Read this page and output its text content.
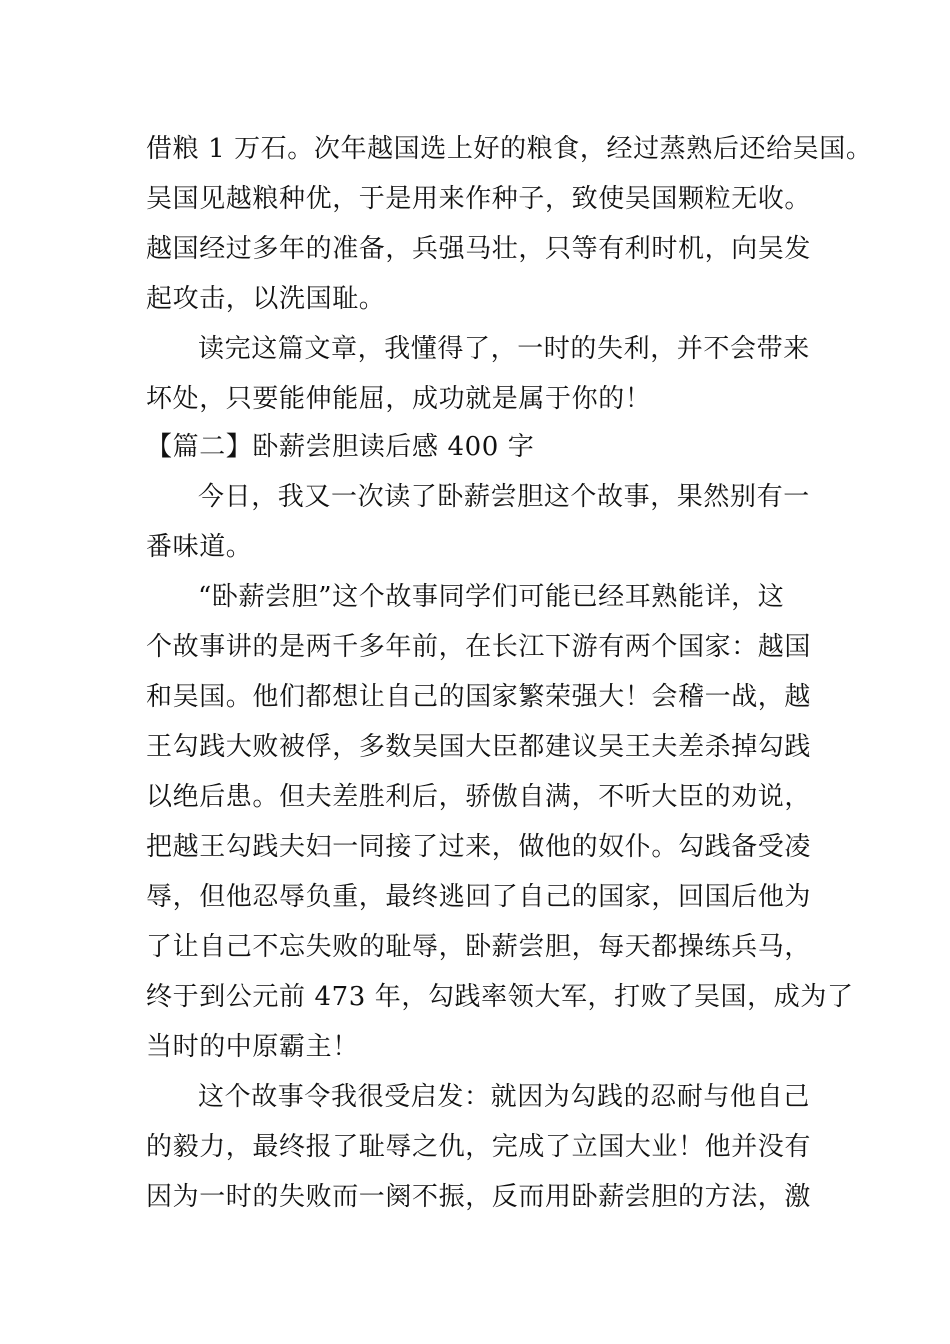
借粮 1 万石。次年越国选上好的粮食，经过蒸熟后还给吴国。
吴国见越粮种优，于是用来作种子，致使吴国颗粒无收。
越国经过多年的准备，兵强马壮，只等有利时机，向吴发
起攻击，以洗国耻。
读完这篇文章，我懂得了，一时的失利，并不会带来
坏处，只要能伸能屈，成功就是属于你的！
【篇二】卧薪尝胆读后感 400 字
今日，我又一次读了卧薪尝胆这个故事，果然别有一
番味道。
“卧薪尝胆”这个故事同学们可能已经耳熟能详，这
个故事讲的是两千多年前，在长江下游有两个国家：越国
和吴国。他们都想让自己的国家繁荣强大！会稽一战，越
王勾践大败被俘，多数吴国大臣都建议吴王夫差杀掉勾践
以绝后患。但夫差胜利后，骄傲自满，不听大臣的劝说，
把越王勾践夫妇一同接了过来，做他的奴仆。勾践备受凌
辱，但他忍辱负重，最终逃回了自己的国家，回国后他为
了让自己不忘失败的耻辱，卧薪尝胆，每天都操练兵马，
终于到公元前 473 年，勾践率领大军，打败了吴国，成为了
当时的中原霸主！
这个故事令我很受启发：就因为勾践的忍耐与他自己
的毅力，最终报了耻辱之仇，完成了立国大业！他并没有
因为一时的失败而一阕不振，反而用卧薪尝胆的方法，激
